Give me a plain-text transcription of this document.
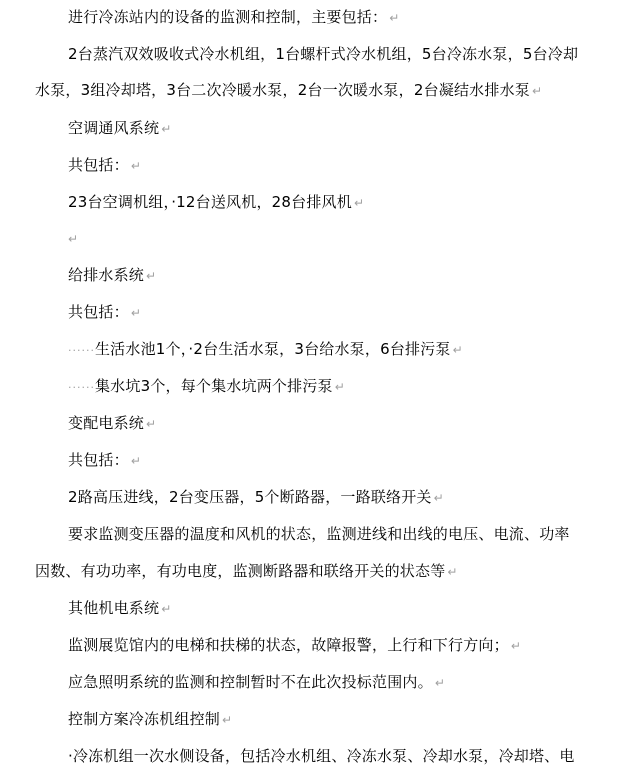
进行冷冻站内的设备的监测和控制，主要包括： ↵
2台蒸汽双效吸收式冷水机组，1台螺杆式冷水机组，5台冷冻水泵，5台冷却
水泵，3组冷却塔，3台二次冷暖水泵，2台一次暖水泵，2台凝结水排水泵 ↵
空调通风系统 ↵
共包括： ↵
23台空调机组，·12台送风机，28台排风机 ↵
↵
给排水系统 ↵
共包括： ↵
······生活水池1个，·2台生活水泵，3台给水泵，6台排污泵 ↵
······集水坑3个，每个集水坑两个排污泵 ↵
变配电系统 ↵
共包括： ↵
2路高压进线，2台变压器，5个断路器，一路联络开关 ↵
要求监测变压器的温度和风机的状态，监测进线和出线的电压、电流、功率
因数、有功功率，有功电度，监测断路器和联络开关的状态等 ↵
其他机电系统 ↵
监测展览馆内的电梯和扶梯的状态，故障报警，上行和下行方向； ↵
应急照明系统的监测和控制暂时不在此次投标范围内。 ↵
控制方案冷冻机组控制 ↵
·冷冻机组一次水侧设备，包括冷水机组、冷冻水泵、冷却水泵，冷却塔、电
